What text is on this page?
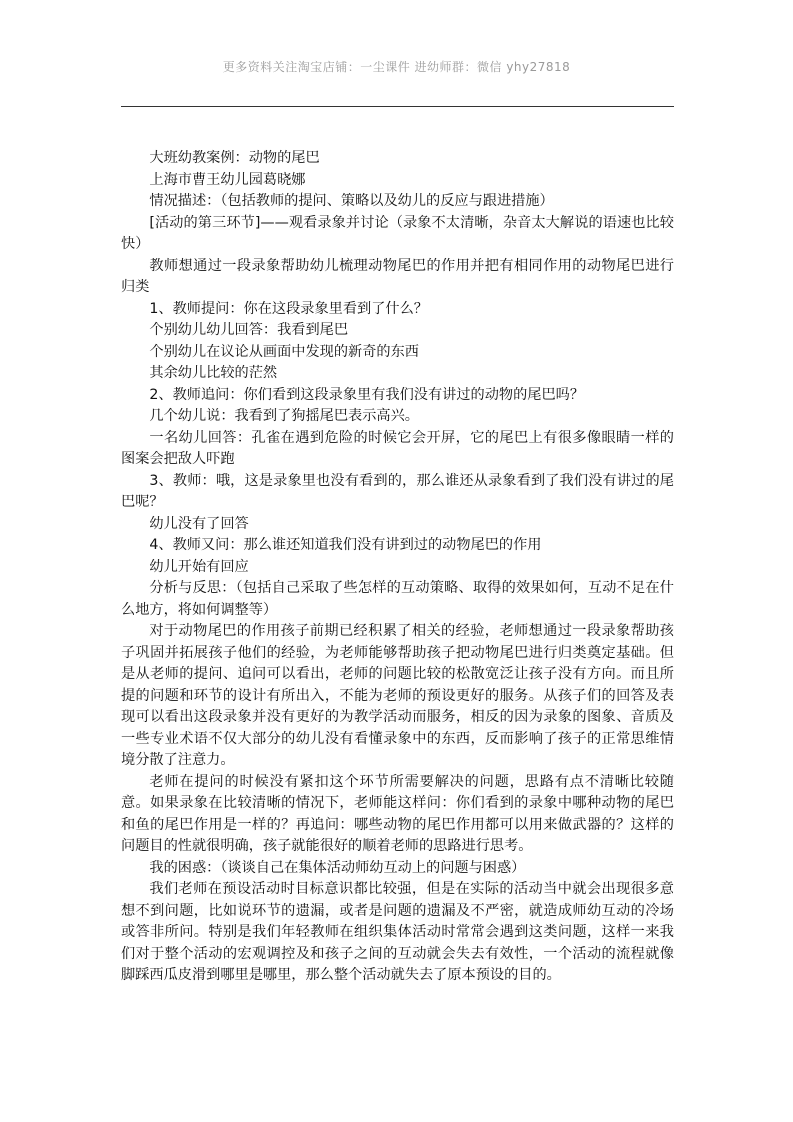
更多资料关注淘宝店铺：一尘课件 进幼师群：微信 yhy27818

大班幼教案例：动物的尾巴

上海市曹王幼儿园葛晓娜

情况描述：（包括教师的提问、策略以及幼儿的反应与跟进措施）

[活动的第三环节]——观看录象并讨论（录象不太清晰，杂音太大解说的语速也比较快）

教师想通过一段录象帮助幼儿梳理动物尾巴的作用并把有相同作用的动物尾巴进行归类

1、教师提问：你在这段录象里看到了什么？

个别幼儿幼儿回答：我看到尾巴

个别幼儿在议论从画面中发现的新奇的东西

其余幼儿比较的茫然

2、教师追问：你们看到这段录象里有我们没有讲过的动物的尾巴吗？

几个幼儿说：我看到了狗摇尾巴表示高兴。

一名幼儿回答：孔雀在遇到危险的时候它会开屏，它的尾巴上有很多像眼睛一样的图案会把敌人吓跑

3、教师：哦，这是录象里也没有看到的，那么谁还从录象看到了我们没有讲过的尾巴呢？

幼儿没有了回答

4、教师又问：那么谁还知道我们没有讲到过的动物尾巴的作用

幼儿开始有回应

分析与反思：（包括自己采取了些怎样的互动策略、取得的效果如何，互动不足在什么地方，将如何调整等）

对于动物尾巴的作用孩子前期已经积累了相关的经验，老师想通过一段录象帮助孩子巩固并拓展孩子他们的经验，为老师能够帮助孩子把动物尾巴进行归类奠定基础。但是从老师的提问、追问可以看出，老师的问题比较的松散宽泛让孩子没有方向。而且所提的问题和环节的设计有所出入，不能为老师的预设更好的服务。从孩子们的回答及表现可以看出这段录象并没有更好的为教学活动而服务，相反的因为录象的图象、音质及一些专业术语不仅大部分的幼儿没有看懂录象中的东西，反而影响了孩子的正常思维情境分散了注意力。

老师在提问的时候没有紧扣这个环节所需要解决的问题，思路有点不清晰比较随意。如果录象在比较清晰的情况下，老师能这样问：你们看到的录象中哪种动物的尾巴和鱼的尾巴作用是一样的？再追问：哪些动物的尾巴作用都可以用来做武器的？这样的问题目的性就很明确，孩子就能很好的顺着老师的思路进行思考。

我的困惑：（谈谈自己在集体活动师幼互动上的问题与困惑）

我们老师在预设活动时目标意识都比较强，但是在实际的活动当中就会出现很多意想不到问题，比如说环节的遗漏，或者是问题的遗漏及不严密，就造成师幼互动的冷场或答非所问。特别是我们年轻教师在组织集体活动时常常会遇到这类问题，这样一来我们对于整个活动的宏观调控及和孩子之间的互动就会失去有效性，一个活动的流程就像脚踩西瓜皮滑到哪里是哪里，那么整个活动就失去了原本预设的目的。
